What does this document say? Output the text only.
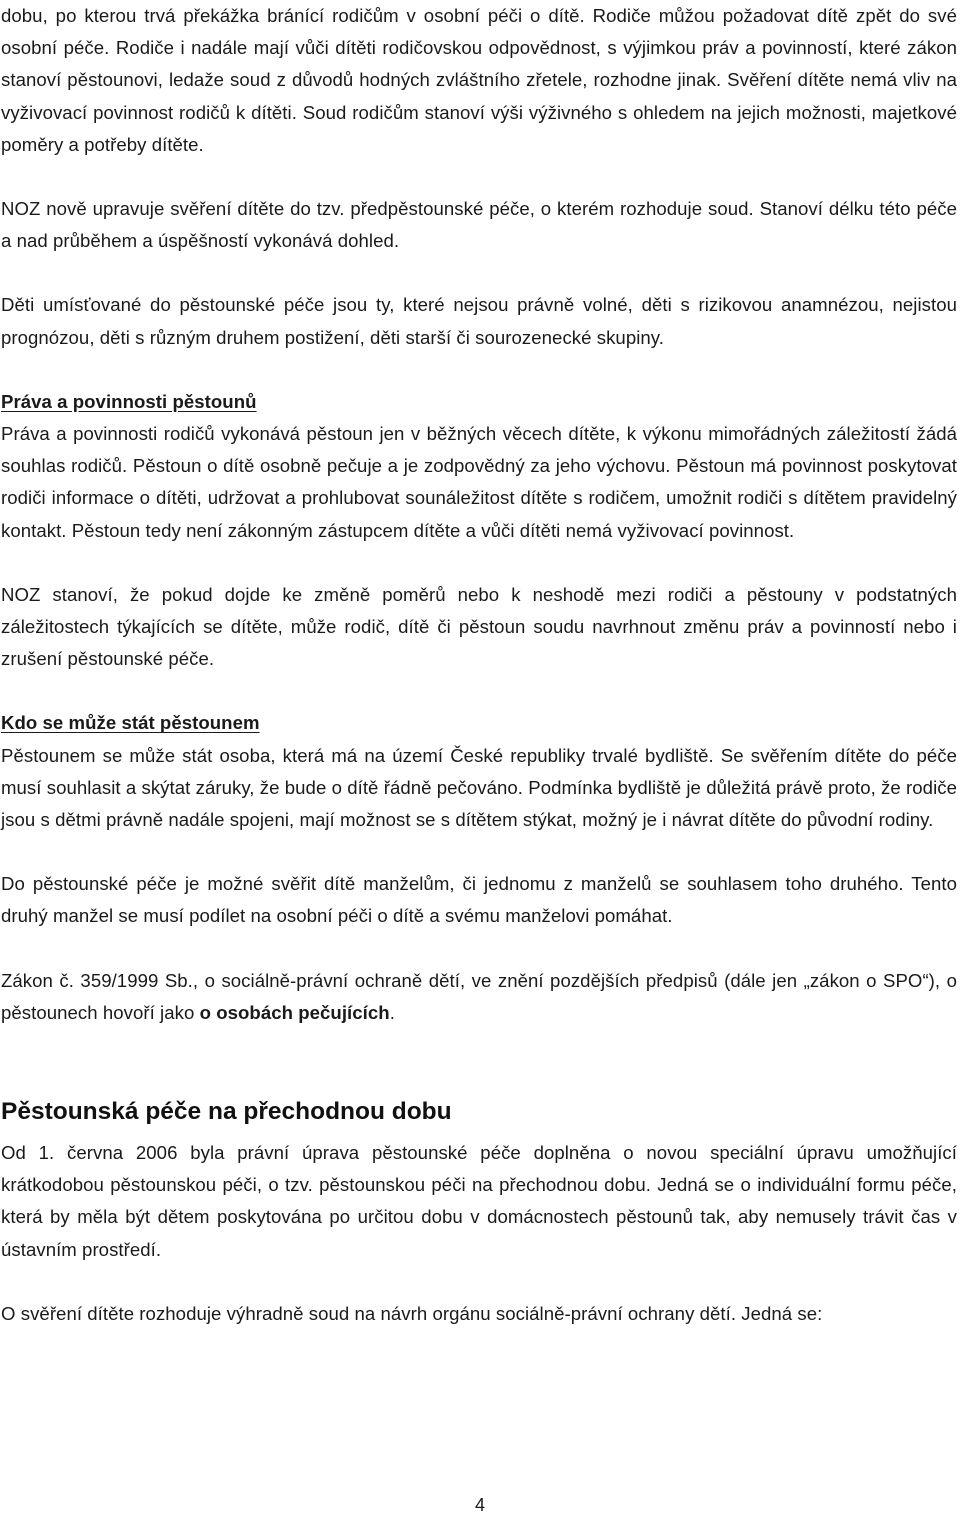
dobu, po kterou trvá překážka bránící rodičům v osobní péči o dítě. Rodiče můžou požadovat dítě zpět do své osobní péče. Rodiče i nadále mají vůči dítěti rodičovskou odpovědnost, s výjimkou práv a povinností, které zákon stanoví pěstounovi, ledaže soud z důvodů hodných zvláštního zřetele, rozhodne jinak. Svěření dítěte nemá vliv na vyživovací povinnost rodičů k dítěti. Soud rodičům stanoví výši výživného s ohledem na jejich možnosti, majetkové poměry a potřeby dítěte.

NOZ nově upravuje svěření dítěte do tzv. předpěstounské péče, o kterém rozhoduje soud. Stanoví délku této péče a nad průběhem a úspěšností vykonává dohled.

Děti umísťované do pěstounské péče jsou ty, které nejsou právně volné, děti s rizikovou anamnézou, nejistou prognózou, děti s různým druhem postižení, děti starší či sourozenecké skupiny.

Práva a povinnosti pěstounů

Práva a povinnosti rodičů vykonává pěstoun jen v běžných věcech dítěte, k výkonu mimořádných záležitostí žádá souhlas rodičů. Pěstoun o dítě osobně pečuje a je zodpovědný za jeho výchovu. Pěstoun má povinnost poskytovat rodiči informace o dítěti, udržovat a prohlubovat sounáležitost dítěte s rodičem, umožnit rodiči s dítětem pravidelný kontakt. Pěstoun tedy není zákonným zástupcem dítěte a vůči dítěti nemá vyživovací povinnost.

NOZ stanoví, že pokud dojde ke změně poměrů nebo k neshodě mezi rodiči a pěstouny v podstatných záležitostech týkajících se dítěte, může rodič, dítě či pěstoun soudu navrhnout změnu práv a povinností nebo i zrušení pěstounské péče.

Kdo se může stát pěstounem

Pěstounem se může stát osoba, která má na území České republiky trvalé bydliště. Se svěřením dítěte do péče musí souhlasit a skýtat záruky, že bude o dítě řádně pečováno. Podmínka bydliště je důležitá právě proto, že rodiče jsou s dětmi právně nadále spojeni, mají možnost se s dítětem stýkat, možný je i návrat dítěte do původní rodiny.

Do pěstounské péče je možné svěřit dítě manželům, či jednomu z manželů se souhlasem toho druhého. Tento druhý manžel se musí podílet na osobní péči o dítě a svému manželovi pomáhat.

Zákon č. 359/1999 Sb., o sociálně-právní ochraně dětí, ve znění pozdějších předpisů (dále jen „zákon o SPO“), o pěstounech hovoří jako o osobách pečujících.

Pěstounská péče na přechodnou dobu

Od 1. června 2006 byla právní úprava pěstounské péče doplněna o novou speciální úpravu umožňující krátkodobou pěstounskou péči, o tzv. pěstounskou péči na přechodnou dobu. Jedná se o individuální formu péče, která by měla být dětem poskytována po určitou dobu v domácnostech pěstounů tak, aby nemusely trávit čas v ústavním prostředí.

O svěření dítěte rozhoduje výhradně soud na návrh orgánu sociálně-právní ochrany dětí. Jedná se:

4
